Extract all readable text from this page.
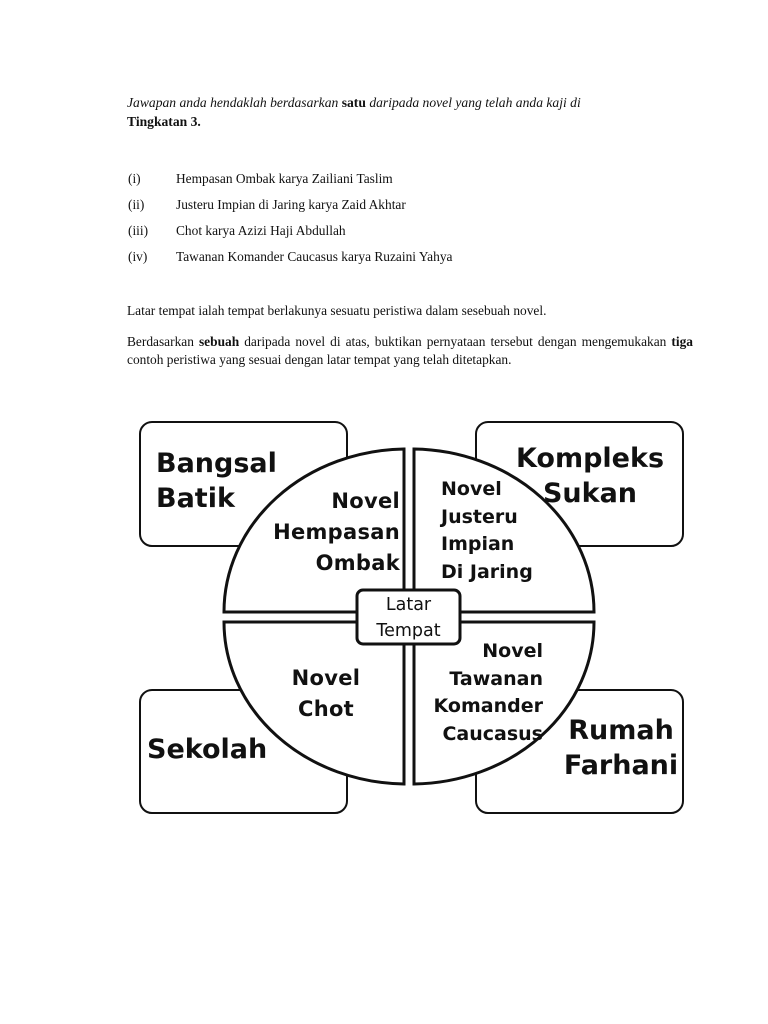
Jawapan anda hendaklah berdasarkan satu daripada novel yang telah anda kaji di
Tingkatan 3.
(i)	Hempasan Ombak karya Zailiani Taslim
(ii)	Justeru Impian di Jaring karya Zaid Akhtar
(iii)	Chot karya Azizi Haji Abdullah
(iv)	Tawanan Komander Caucasus karya Ruzaini Yahya
Latar tempat ialah tempat berlakunya sesuatu peristiwa dalam sesebuah novel.
Berdasarkan sebuah daripada novel di atas, buktikan pernyataan tersebut dengan mengemukakan tiga contoh peristiwa yang sesuai dengan latar tempat yang telah ditetapkan.
Latar
Tempat
Bangsal
Batik	Novel
Hempasan
Ombak
Kompleks
Sukan
Novel
Justeru
Impian
Di Jaring
Sekolah
Novel
Chot
Novel
Tawanan
Komander
Caucasus Rumah
Farhani
